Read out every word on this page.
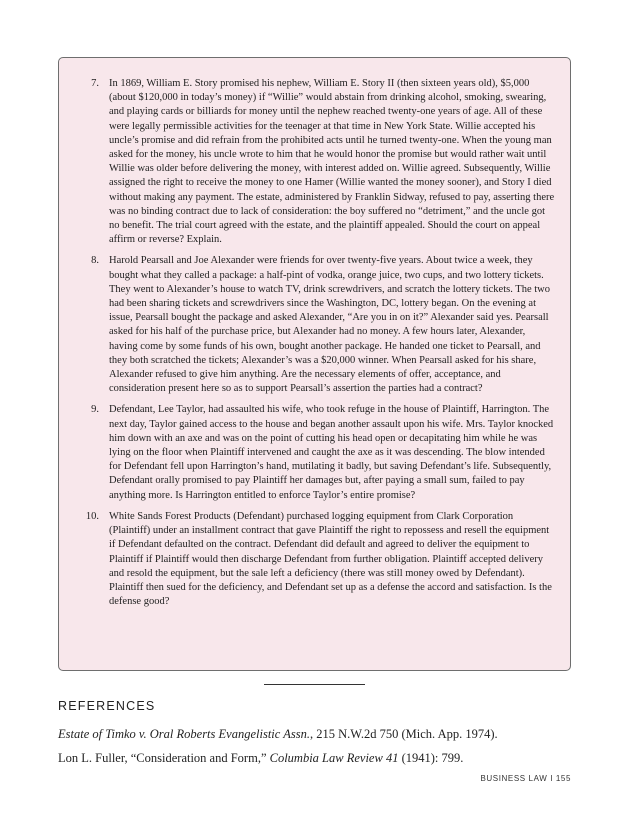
7. In 1869, William E. Story promised his nephew, William E. Story II (then sixteen years old), $5,000 (about $120,000 in today’s money) if “Willie” would abstain from drinking alcohol, smoking, swearing, and playing cards or billiards for money until the nephew reached twenty-one years of age. All of these were legally permissible activities for the teenager at that time in New York State. Willie accepted his uncle’s promise and did refrain from the prohibited acts until he turned twenty-one. When the young man asked for the money, his uncle wrote to him that he would honor the promise but would rather wait until Willie was older before delivering the money, with interest added on. Willie agreed. Subsequently, Willie assigned the right to receive the money to one Hamer (Willie wanted the money sooner), and Story I died without making any payment. The estate, administered by Franklin Sidway, refused to pay, asserting there was no binding contract due to lack of consideration: the boy suffered no “detriment,” and the uncle got no benefit. The trial court agreed with the estate, and the plaintiff appealed. Should the court on appeal affirm or reverse? Explain.
8. Harold Pearsall and Joe Alexander were friends for over twenty-five years. About twice a week, they bought what they called a package: a half-pint of vodka, orange juice, two cups, and two lottery tickets. They went to Alexander’s house to watch TV, drink screwdrivers, and scratch the lottery tickets. The two had been sharing tickets and screwdrivers since the Washington, DC, lottery began. On the evening at issue, Pearsall bought the package and asked Alexander, “Are you in on it?” Alexander said yes. Pearsall asked for his half of the purchase price, but Alexander had no money. A few hours later, Alexander, having come by some funds of his own, bought another package. He handed one ticket to Pearsall, and they both scratched the tickets; Alexander’s was a $20,000 winner. When Pearsall asked for his share, Alexander refused to give him anything. Are the necessary elements of offer, acceptance, and consideration present here so as to support Pearsall’s assertion the parties had a contract?
9. Defendant, Lee Taylor, had assaulted his wife, who took refuge in the house of Plaintiff, Harrington. The next day, Taylor gained access to the house and began another assault upon his wife. Mrs. Taylor knocked him down with an axe and was on the point of cutting his head open or decapitating him while he was lying on the floor when Plaintiff intervened and caught the axe as it was descending. The blow intended for Defendant fell upon Harrington’s hand, mutilating it badly, but saving Defendant’s life. Subsequently, Defendant orally promised to pay Plaintiff her damages but, after paying a small sum, failed to pay anything more. Is Harrington entitled to enforce Taylor’s entire promise?
10. White Sands Forest Products (Defendant) purchased logging equipment from Clark Corporation (Plaintiff) under an installment contract that gave Plaintiff the right to repossess and resell the equipment if Defendant defaulted on the contract. Defendant did default and agreed to deliver the equipment to Plaintiff if Plaintiff would then discharge Defendant from further obligation. Plaintiff accepted delivery and resold the equipment, but the sale left a deficiency (there was still money owed by Defendant). Plaintiff then sued for the deficiency, and Defendant set up as a defense the accord and satisfaction. Is the defense good?
REFERENCES

Estate of Timko v. Oral Roberts Evangelistic Assn., 215 N.W.2d 750 (Mich. App. 1974).

Lon L. Fuller, “Consideration and Form,” Columbia Law Review 41 (1941): 799.

BUSINESS LAW I 155
